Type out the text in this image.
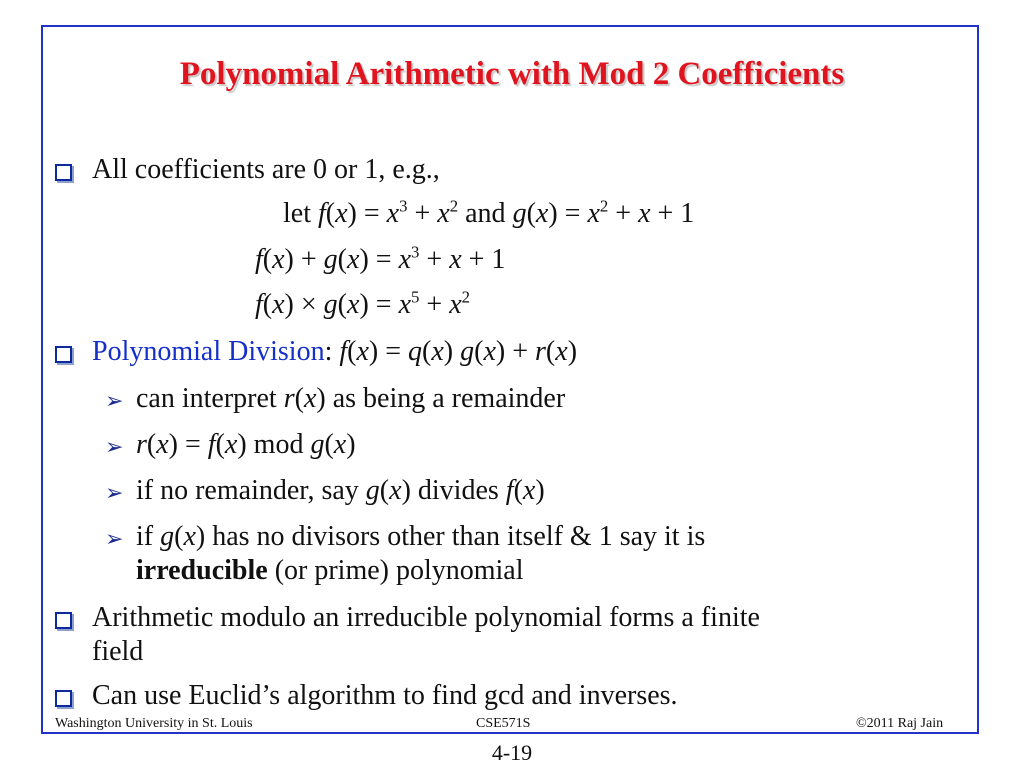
Polynomial Arithmetic with Mod 2 Coefficients
All coefficients are 0 or 1, e.g.,
let $f(x) = x^3 + x^2$ and $g(x) = x^2 + x + 1$
$f(x) + g(x) = x^3 + x + 1$
$f(x) \times g(x) = x^5 + x^2$
Polynomial Division: f(x) = q(x) g(x) + r(x)
➢ can interpret r(x) as being a remainder
➢ r(x) = f(x) mod g(x)
➢ if no remainder, say g(x) divides f(x)
➢ if g(x) has no divisors other than itself & 1 say it is
irreducible (or prime) polynomial
Arithmetic modulo an irreducible polynomial forms a finite
field
Can use Euclid’s algorithm to find gcd and inverses.
Washington University in St. Louis	CSE571S	©2011 Raj Jain
4-19
